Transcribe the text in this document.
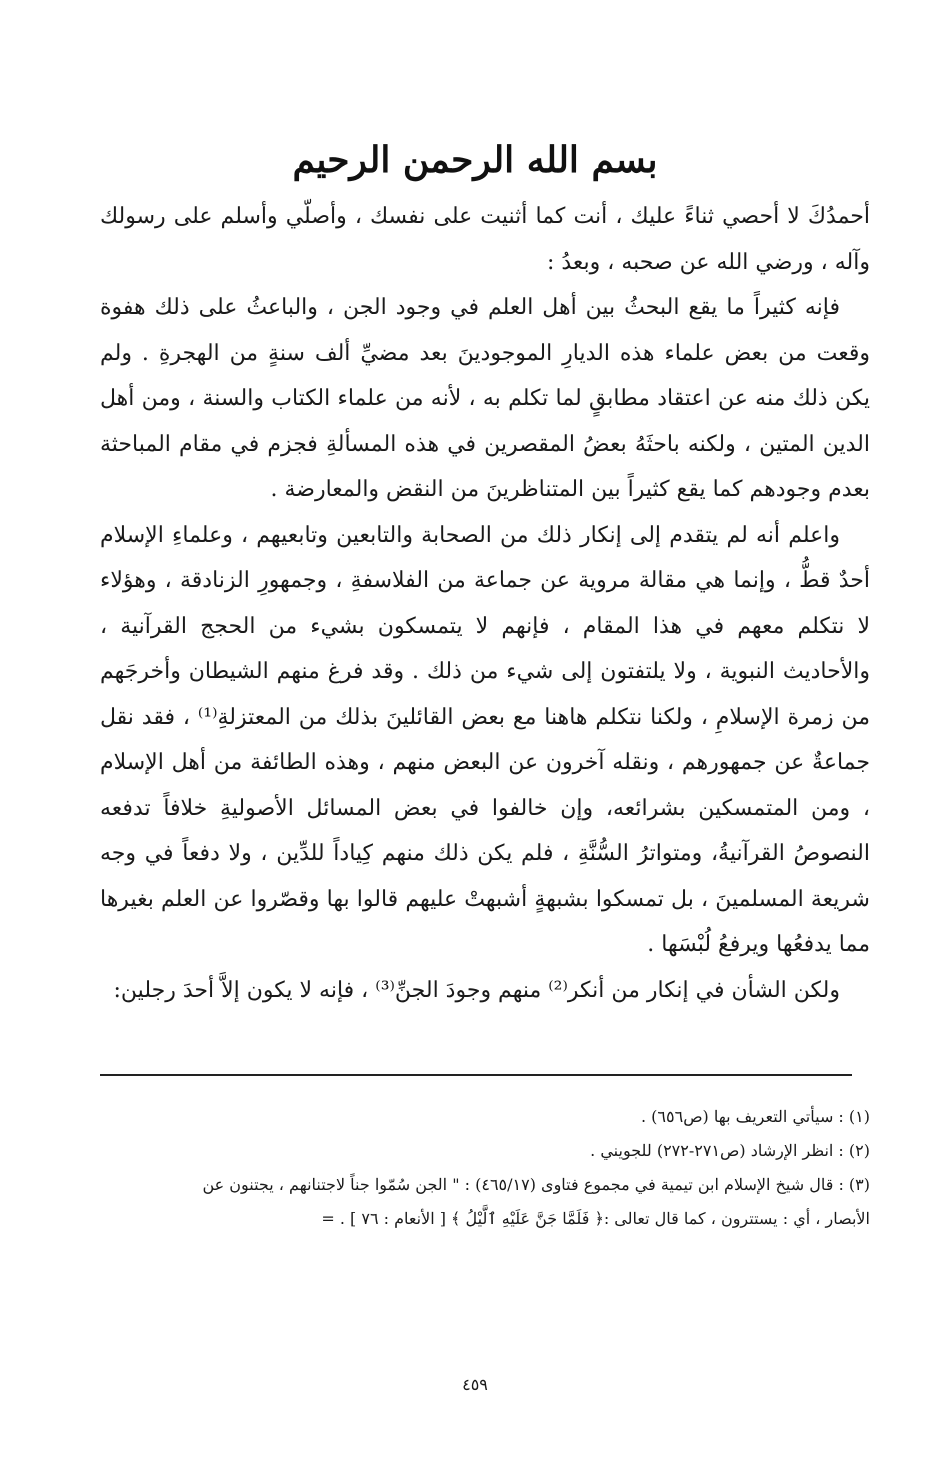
بسم الله الرحمن الرحيم

أحمدُكَ لا أحصي ثناءً عليك ، أنت كما أثنيت على نفسك ، وأصلّي وأسلم على رسولك وآله ، ورضي الله عن صحبه ، وبعدُ :

فإنه كثيراً ما يقع البحثُ بين أهل العلم في وجود الجن ، والباعثُ على ذلك هفوة وقعت من بعض علماء هذه الديارِ الموجودينَ بعد مضيِّ ألف سنةٍ من الهجرةِ . ولم يكن ذلك منه عن اعتقاد مطابقٍ لما تكلم به ، لأنه من علماء الكتاب والسنة ، ومن أهل الدين المتين ، ولكنه باحثَهُ بعضُ المقصرين في هذه المسألةِ فجزم في مقام المباحثة بعدم وجودهم كما يقع كثيراً بين المتناظرينَ من النقض والمعارضة .

واعلم أنه لم يتقدم إلى إنكار ذلك من الصحابة والتابعين وتابعيهم ، وعلماءِ الإسلام أحدٌ قطُّ ، وإنما هي مقالة مروية عن جماعة من الفلاسفةِ ، وجمهورِ الزنادقة ، وهؤلاء لا نتكلم معهم في هذا المقام ، فإنهم لا يتمسكون بشيء من الحجج القرآنية ، والأحاديث النبوية ، ولا يلتفتون إلى شيء من ذلك . وقد فرغ منهم الشيطان وأخرجَهم من زمرة الإسلامِ ، ولكنا نتكلم هاهنا مع بعض القائلينَ بذلك من المعتزلةِ⁽¹⁾ ، فقد نقل جماعةٌ عن جمهورهم ، ونقله آخرون عن البعض منهم ، وهذه الطائفة من أهل الإسلام ، ومن المتمسكين بشرائعه، وإن خالفوا في بعض المسائل الأصوليةِ خلافاً تدفعه النصوصُ القرآنيةُ، ومتواترُ السُّنَّةِ ، فلم يكن ذلك منهم كِياداً للدِّين ، ولا دفعاً في وجه شريعة المسلمينَ ، بل تمسكوا بشبهةٍ أشبهتْ عليهم قالوا بها وقصّروا عن العلم بغيرها مما يدفعُها ويرفعُ لُبْسَها .

ولكن الشأن في إنكار من أنكر⁽²⁾ منهم وجودَ الجنِّ⁽³⁾ ، فإنه لا يكون إلاَّ أحدَ رجلين:

(١) : سيأتي التعريف بها (ص٦٥٦) .

(٢) : انظر الإرشاد (ص٢٧١-٢٧٢) للجويني .

(٣) : قال شيخ الإسلام ابن تيمية في مجموع فتاوى (٤٦٥/١٧) : " الجن سُمّوا جناً لاجتنانهم ، يجتنون عن

الأبصار ، أي : يستترون ، كما قال تعالى :﴿ فَلَمَّا جَنَّ عَلَيْهِ ٱلَّيْلُ ﴾ [ الأنعام : ٧٦ ] . =

٤٥٩
